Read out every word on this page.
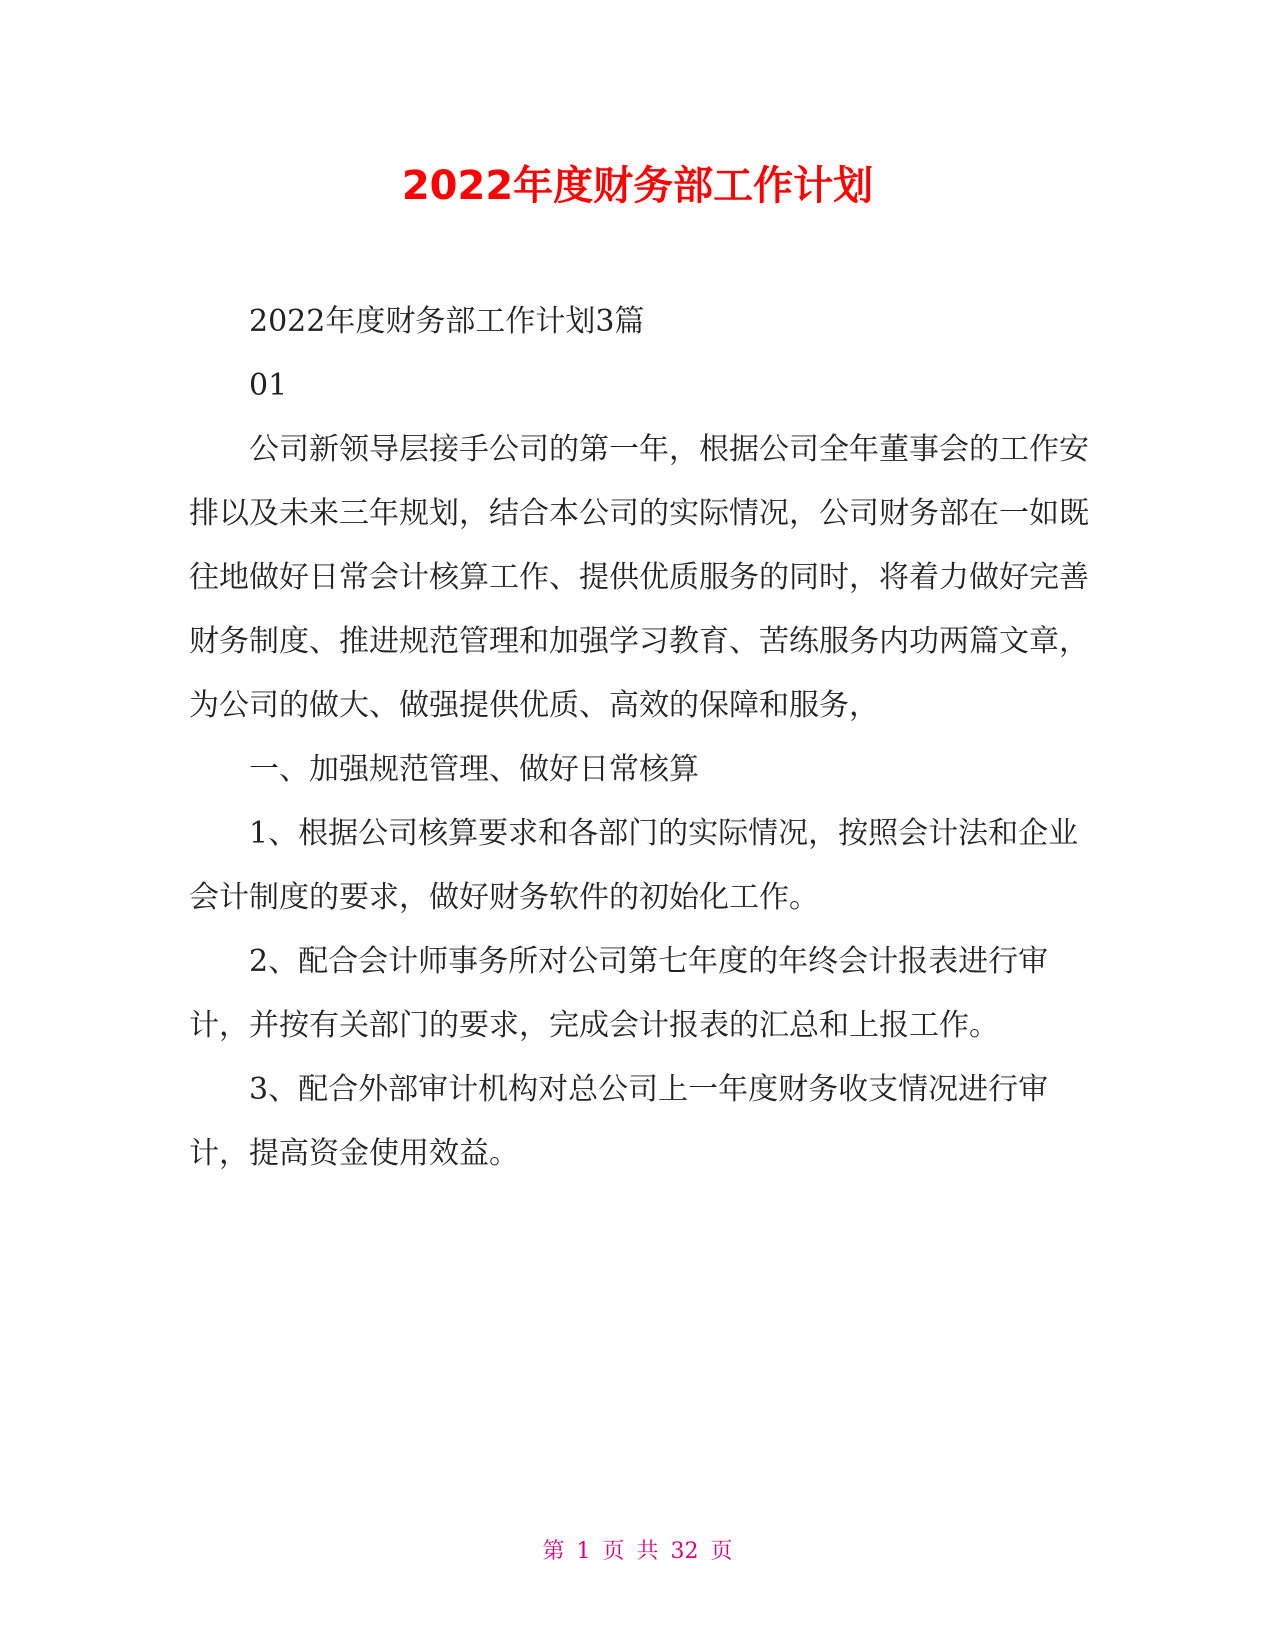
2022年度财务部工作计划

2022年度财务部工作计划3篇

01

公司新领导层接手公司的第一年，根据公司全年董事会的工作安排以及未来三年规划，结合本公司的实际情况，公司财务部在一如既往地做好日常会计核算工作、提供优质服务的同时，将着力做好完善财务制度、推进规范管理和加强学习教育、苦练服务内功两篇文章，为公司的做大、做强提供优质、高效的保障和服务，

一、加强规范管理、做好日常核算

1、根据公司核算要求和各部门的实际情况，按照会计法和企业会计制度的要求，做好财务软件的初始化工作。

2、配合会计师事务所对公司第七年度的年终会计报表进行审计，并按有关部门的要求，完成会计报表的汇总和上报工作。

3、配合外部审计机构对总公司上一年度财务收支情况进行审计，提高资金使用效益。

第 1 页 共 32 页
